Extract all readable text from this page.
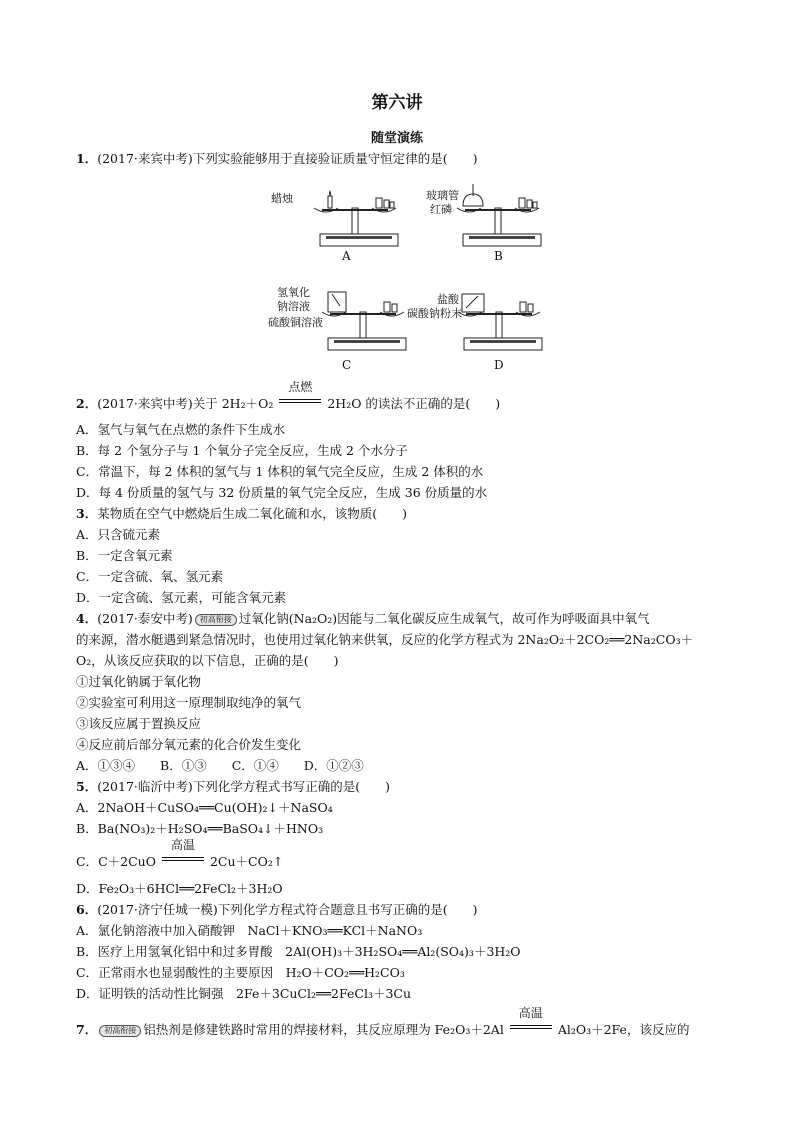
第六讲
随堂演练
1．(2017·来宾中考)下列实验能够用于直接验证质量守恒定律的是(　　)
蜡烛
A
玻璃管
红磷
B
氢氧化
钠溶液
硫酸铜溶液
C
盐酸
碳酸钠粉末
D
2．(2017·来宾中考)关于 2H₂＋O₂
点燃
2H₂O 的读法不正确的是(　　)
A．氢气与氧气在点燃的条件下生成水
B．每 2 个氢分子与 1 个氧分子完全反应，生成 2 个水分子
C．常温下，每 2 体积的氢气与 1 体积的氧气完全反应，生成 2 体积的水
D．每 4 份质量的氢气与 32 份质量的氧气完全反应，生成 36 份质量的水
3．某物质在空气中燃烧后生成二氧化硫和水，该物质(　　)
A．只含硫元素
B．一定含氧元素
C．一定含硫、氧、氢元素
D．一定含硫、氢元素，可能含氧元素
4．(2017·泰安中考) 初高衔接 过氧化钠(Na₂O₂)因能与二氧化碳反应生成氧气，故可作为呼吸面具中氧气
的来源，潜水艇遇到紧急情况时，也使用过氧化钠来供氧，反应的化学方程式为 2Na₂O₂＋2CO₂══2Na₂CO₃＋
O₂，从该反应获取的以下信息，正确的是(　　)
①过氧化钠属于氧化物
②实验室可利用这一原理制取纯净的氧气
③该反应属于置换反应
④反应前后部分氧元素的化合价发生变化
A．①③④　　B．①③　　C．①④　　D．①②③
5．(2017·临沂中考)下列化学方程式书写正确的是(　　)
A．2NaOH＋CuSO₄══Cu(OH)₂↓＋NaSO₄
B．Ba(NO₃)₂＋H₂SO₄══BaSO₄↓＋HNO₃
C．C＋2CuO
高温
2Cu＋CO₂↑
D．Fe₂O₃＋6HCl══2FeCl₂＋3H₂O
6．(2017·济宁任城一模)下列化学方程式符合题意且书写正确的是(　　)
A．氯化钠溶液中加入硝酸钾　NaCl＋KNO₃══KCl＋NaNO₃
B．医疗上用氢氧化铝中和过多胃酸　2Al(OH)₃＋3H₂SO₄══Al₂(SO₄)₃＋3H₂O
C．正常雨水也显弱酸性的主要原因　H₂O＋CO₂══H₂CO₃
D．证明铁的活动性比铜强　2Fe＋3CuCl₂══2FeCl₃＋3Cu
7． 初高衔接 铝热剂是修建铁路时常用的焊接材料，其反应原理为 Fe₂O₃＋2Al
高温
Al₂O₃＋2Fe，该反应的
